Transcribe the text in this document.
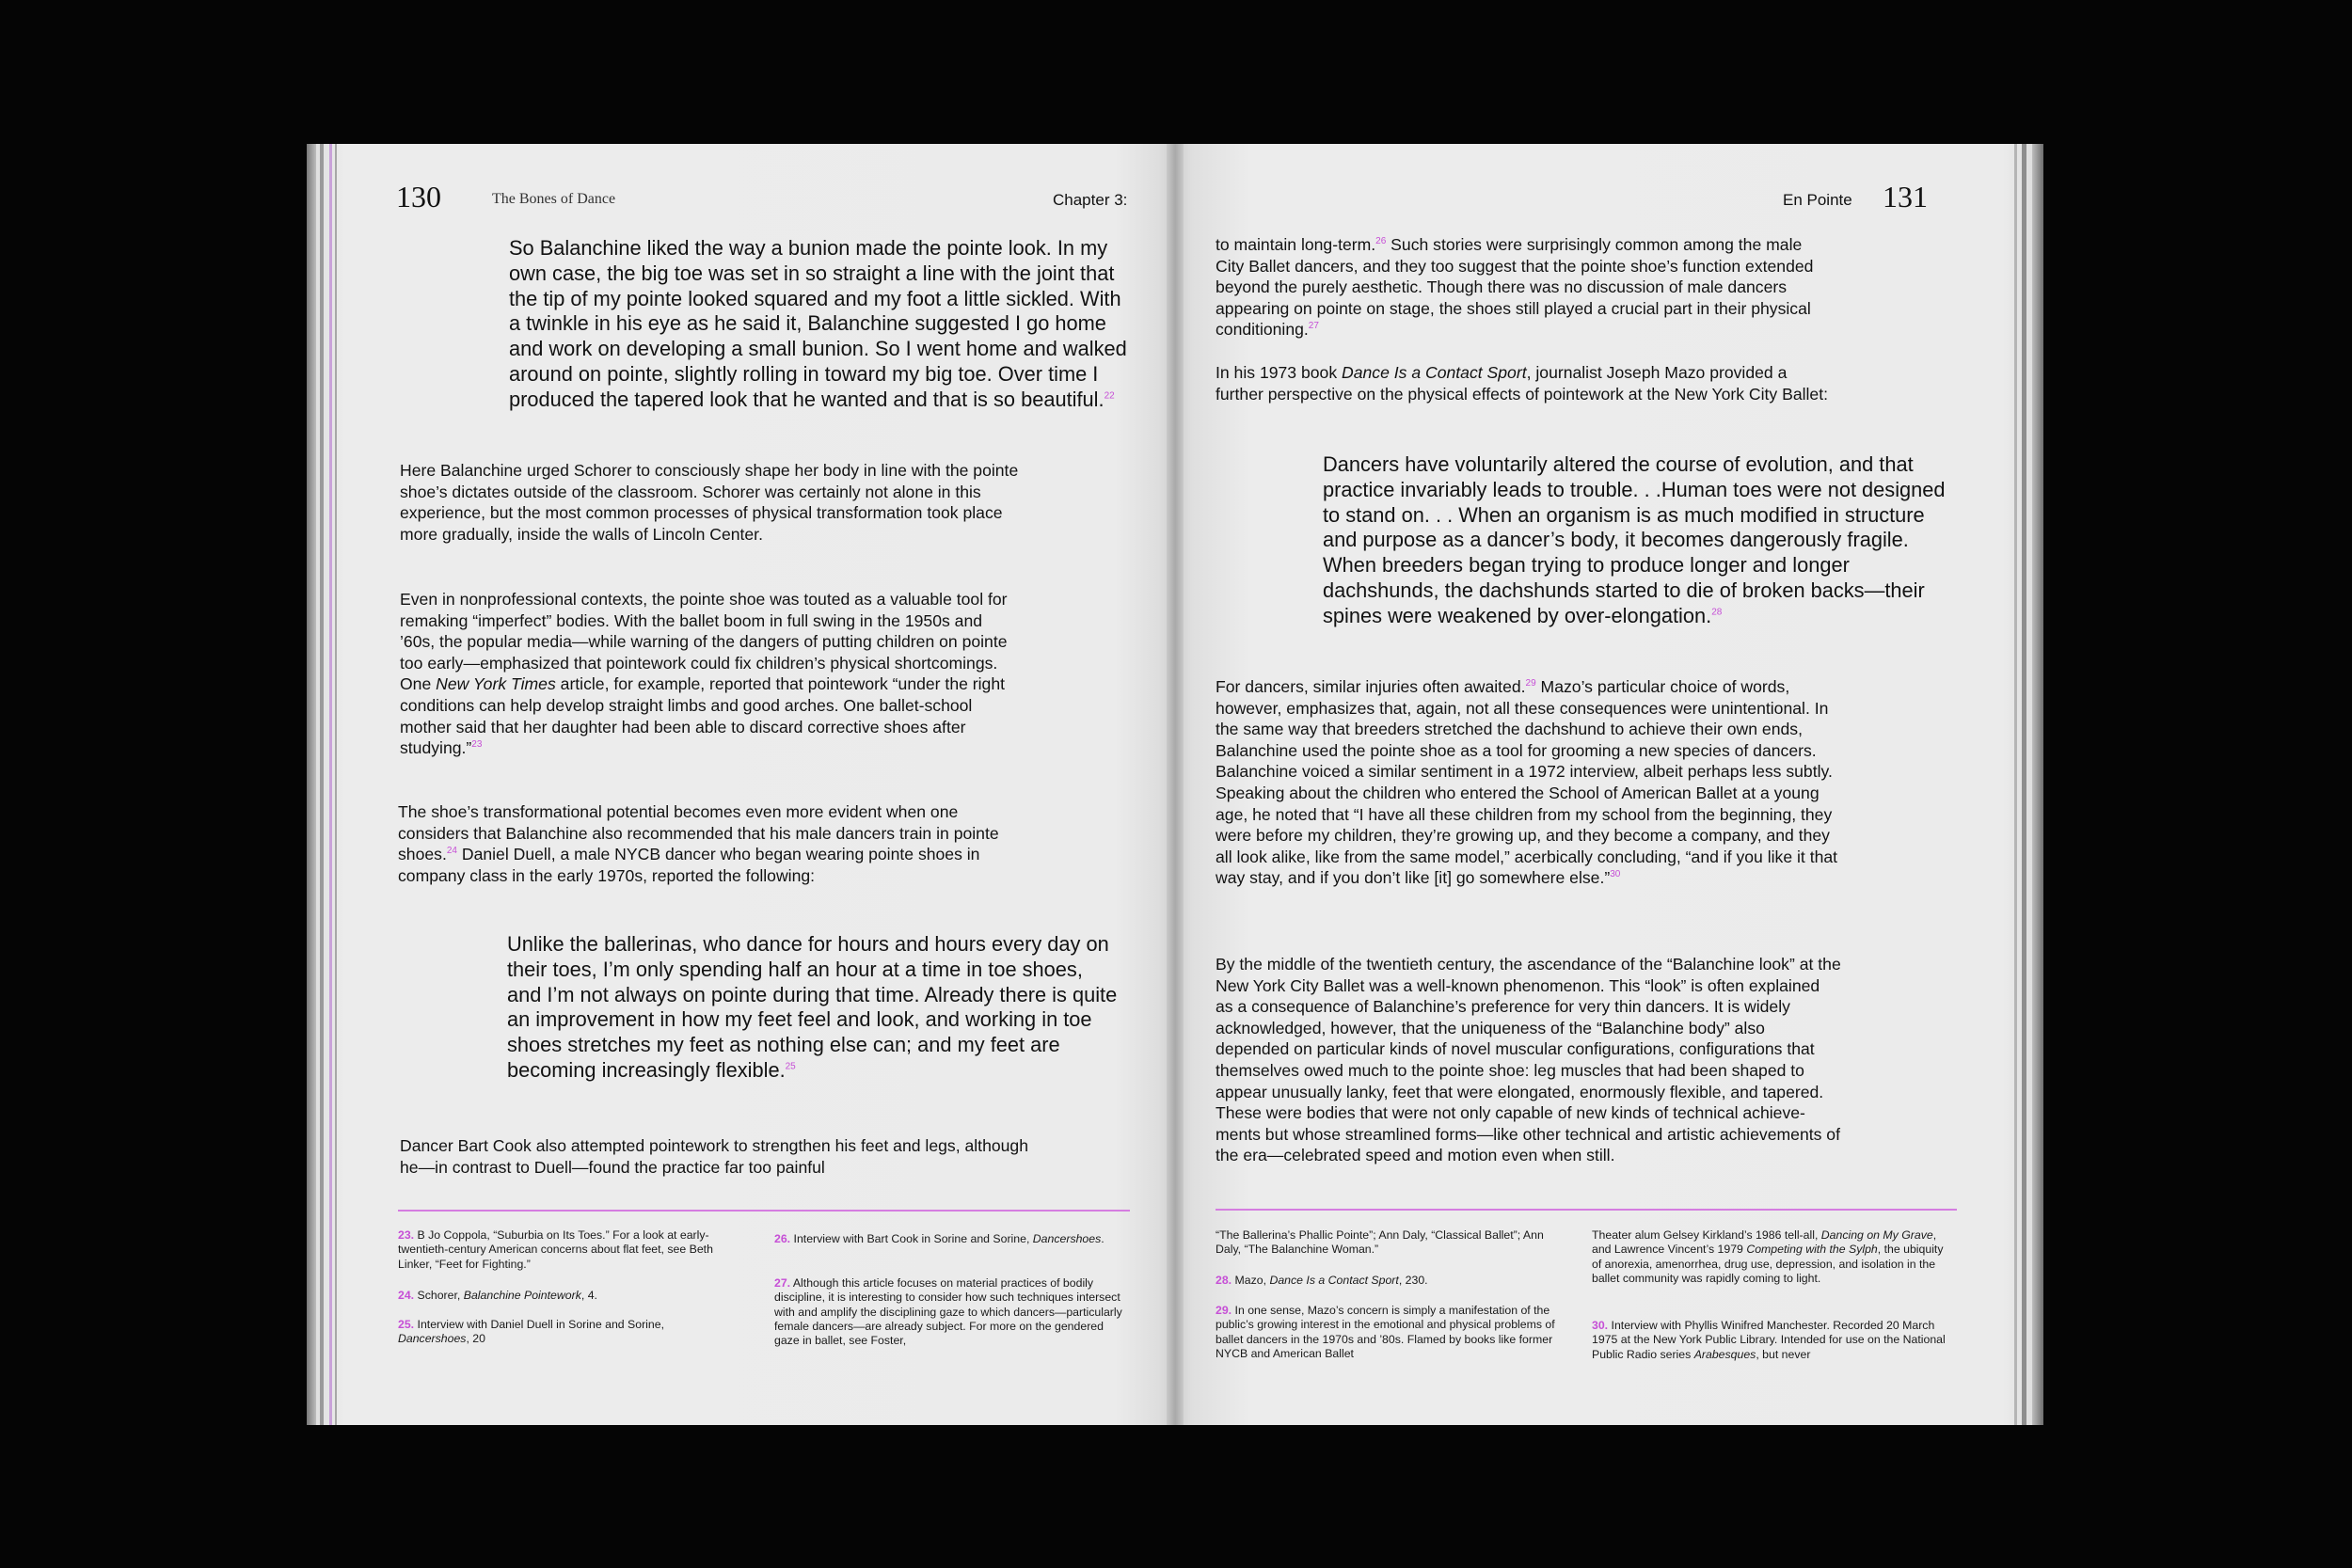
130	The Bones of Dance	Chapter 3:

So Balanchine liked the way a bunion made the pointe look. In my own case, the big toe was set in so straight a line with the joint that the tip of my pointe looked squared and my foot a little sickled. With a twinkle in his eye as he said it, Balanchine suggested I go home and work on developing a small bunion. So I went home and walked around on pointe, slightly rolling in toward my big toe. Over time I produced the tapered look that he wanted and that is so beautiful.$^{22}$

Here Balanchine urged Schorer to consciously shape her body in line with the pointe shoe’s dictates outside of the classroom. Schorer was certainly not alone in this experience, but the most common processes of physical transformation took place more gradually, inside the walls of Lincoln Center.

Even in nonprofessional contexts, the pointe shoe was touted as a valuable tool for remaking “imperfect” bodies. With the ballet boom in full swing in the 1950s and ’60s, the popular media—while warning of the dangers of putting children on pointe too early—emphasized that pointework could fix children’s physical shortcomings. One New York Times article, for example, reported that pointework “under the right conditions can help develop straight limbs and good arches. One ballet-school mother said that her daughter had been able to discard corrective shoes after studying.”$^{23}$

The shoe’s transformational potential becomes even more evident when one considers that Balanchine also recommended that his male dancers train in pointe shoes.$^{24}$ Daniel Duell, a male NYCB dancer who began wearing pointe shoes in company class in the early 1970s, reported the following:

Unlike the ballerinas, who dance for hours and hours every day on their toes, I’m only spending half an hour at a time in toe shoes, and I’m not always on pointe during that time. Already there is quite an improvement in how my feet feel and look, and working in toe shoes stretches my feet as nothing else can; and my feet are becoming increasingly flexible.$^{25}$

Dancer Bart Cook also attempted pointework to strengthen his feet and legs, although he—in contrast to Duell—found the practice far too painful

23. B Jo Coppola, “Suburbia on Its Toes.” For a look at early-twentieth-century American concerns about flat feet, see Beth Linker, “Feet for Fighting.”

24. Schorer, Balanchine Pointework, 4.

25. Interview with Daniel Duell in Sorine and Sorine, Dancershoes, 20

26. Interview with Bart Cook in Sorine and Sorine, Dancershoes.

27. Although this article focuses on material practices of bodily discipline, it is interesting to consider how such techniques intersect with and amplify the disciplining gaze to which dancers—particularly female dancers—are already subject. For more on the gendered gaze in ballet, see Foster,

En Pointe 131

to maintain long-term.$^{26}$ Such stories were surprisingly common among the male City Ballet dancers, and they too suggest that the pointe shoe’s function extended beyond the purely aesthetic. Though there was no discussion of male dancers appearing on pointe on stage, the shoes still played a crucial part in their physical conditioning.$^{27}$

In his 1973 book Dance Is a Contact Sport, journalist Joseph Mazo provided a further perspective on the physical effects of pointework at the New York City Ballet:

Dancers have voluntarily altered the course of evolution, and that practice invariably leads to trouble. . .Human toes were not designed to stand on. . . When an organism is as much modified in structure and purpose as a dancer’s body, it becomes dangerously fragile. When breeders began trying to produce longer and longer dachshunds, the dachshunds started to die of broken backs—their spines were weakened by over-elongation.$^{28}$

For dancers, similar injuries often awaited.$^{29}$ Mazo’s particular choice of words, however, emphasizes that, again, not all these consequences were unintentional. In the same way that breeders stretched the dachshund to achieve their own ends, Balanchine used the pointe shoe as a tool for grooming a new species of dancers. Balanchine voiced a similar sentiment in a 1972 interview, albeit perhaps less subtly. Speaking about the children who entered the School of American Ballet at a young age, he noted that “I have all these children from my school from the beginning, they were before my children, they’re growing up, and they become a company, and they all look alike, like from the same model,” acerbically concluding, “and if you like it that way stay, and if you don’t like [it] go somewhere else.”$^{30}$

By the middle of the twentieth century, the ascendance of the “Balanchine look” at the New York City Ballet was a well-known phenomenon. This “look” is often explained as a consequence of Balanchine’s preference for very thin dancers. It is widely acknowledged, however, that the uniqueness of the “Balanchine body” also depended on particular kinds of novel muscular configurations, configurations that themselves owed much to the pointe shoe: leg muscles that had been shaped to appear unusually lanky, feet that were elongated, enormously flexible, and tapered. These were bodies that were not only capable of new kinds of technical achievements but whose streamlined forms—like other technical and artistic achievements of the era—celebrated speed and motion even when still.

“The Ballerina’s Phallic Pointe”; Ann Daly, “Classical Ballet”; Ann Daly, “The Balanchine Woman.”

28. Mazo, Dance Is a Contact Sport, 230.

29. In one sense, Mazo’s concern is simply a manifestation of the public’s growing interest in the emotional and physical problems of ballet dancers in the 1970s and ’80s. Flamed by books like former NYCB and American Ballet

Theater alum Gelsey Kirkland’s 1986 tell-all, Dancing on My Grave, and Lawrence Vincent’s 1979 Competing with the Sylph, the ubiquity of anorexia, amenorrhea, drug use, depression, and isolation in the ballet community was rapidly coming to light.

30. Interview with Phyllis Winifred Manchester. Recorded 20 March 1975 at the New York Public Library. Intended for use on the National Public Radio series Arabesques, but never
